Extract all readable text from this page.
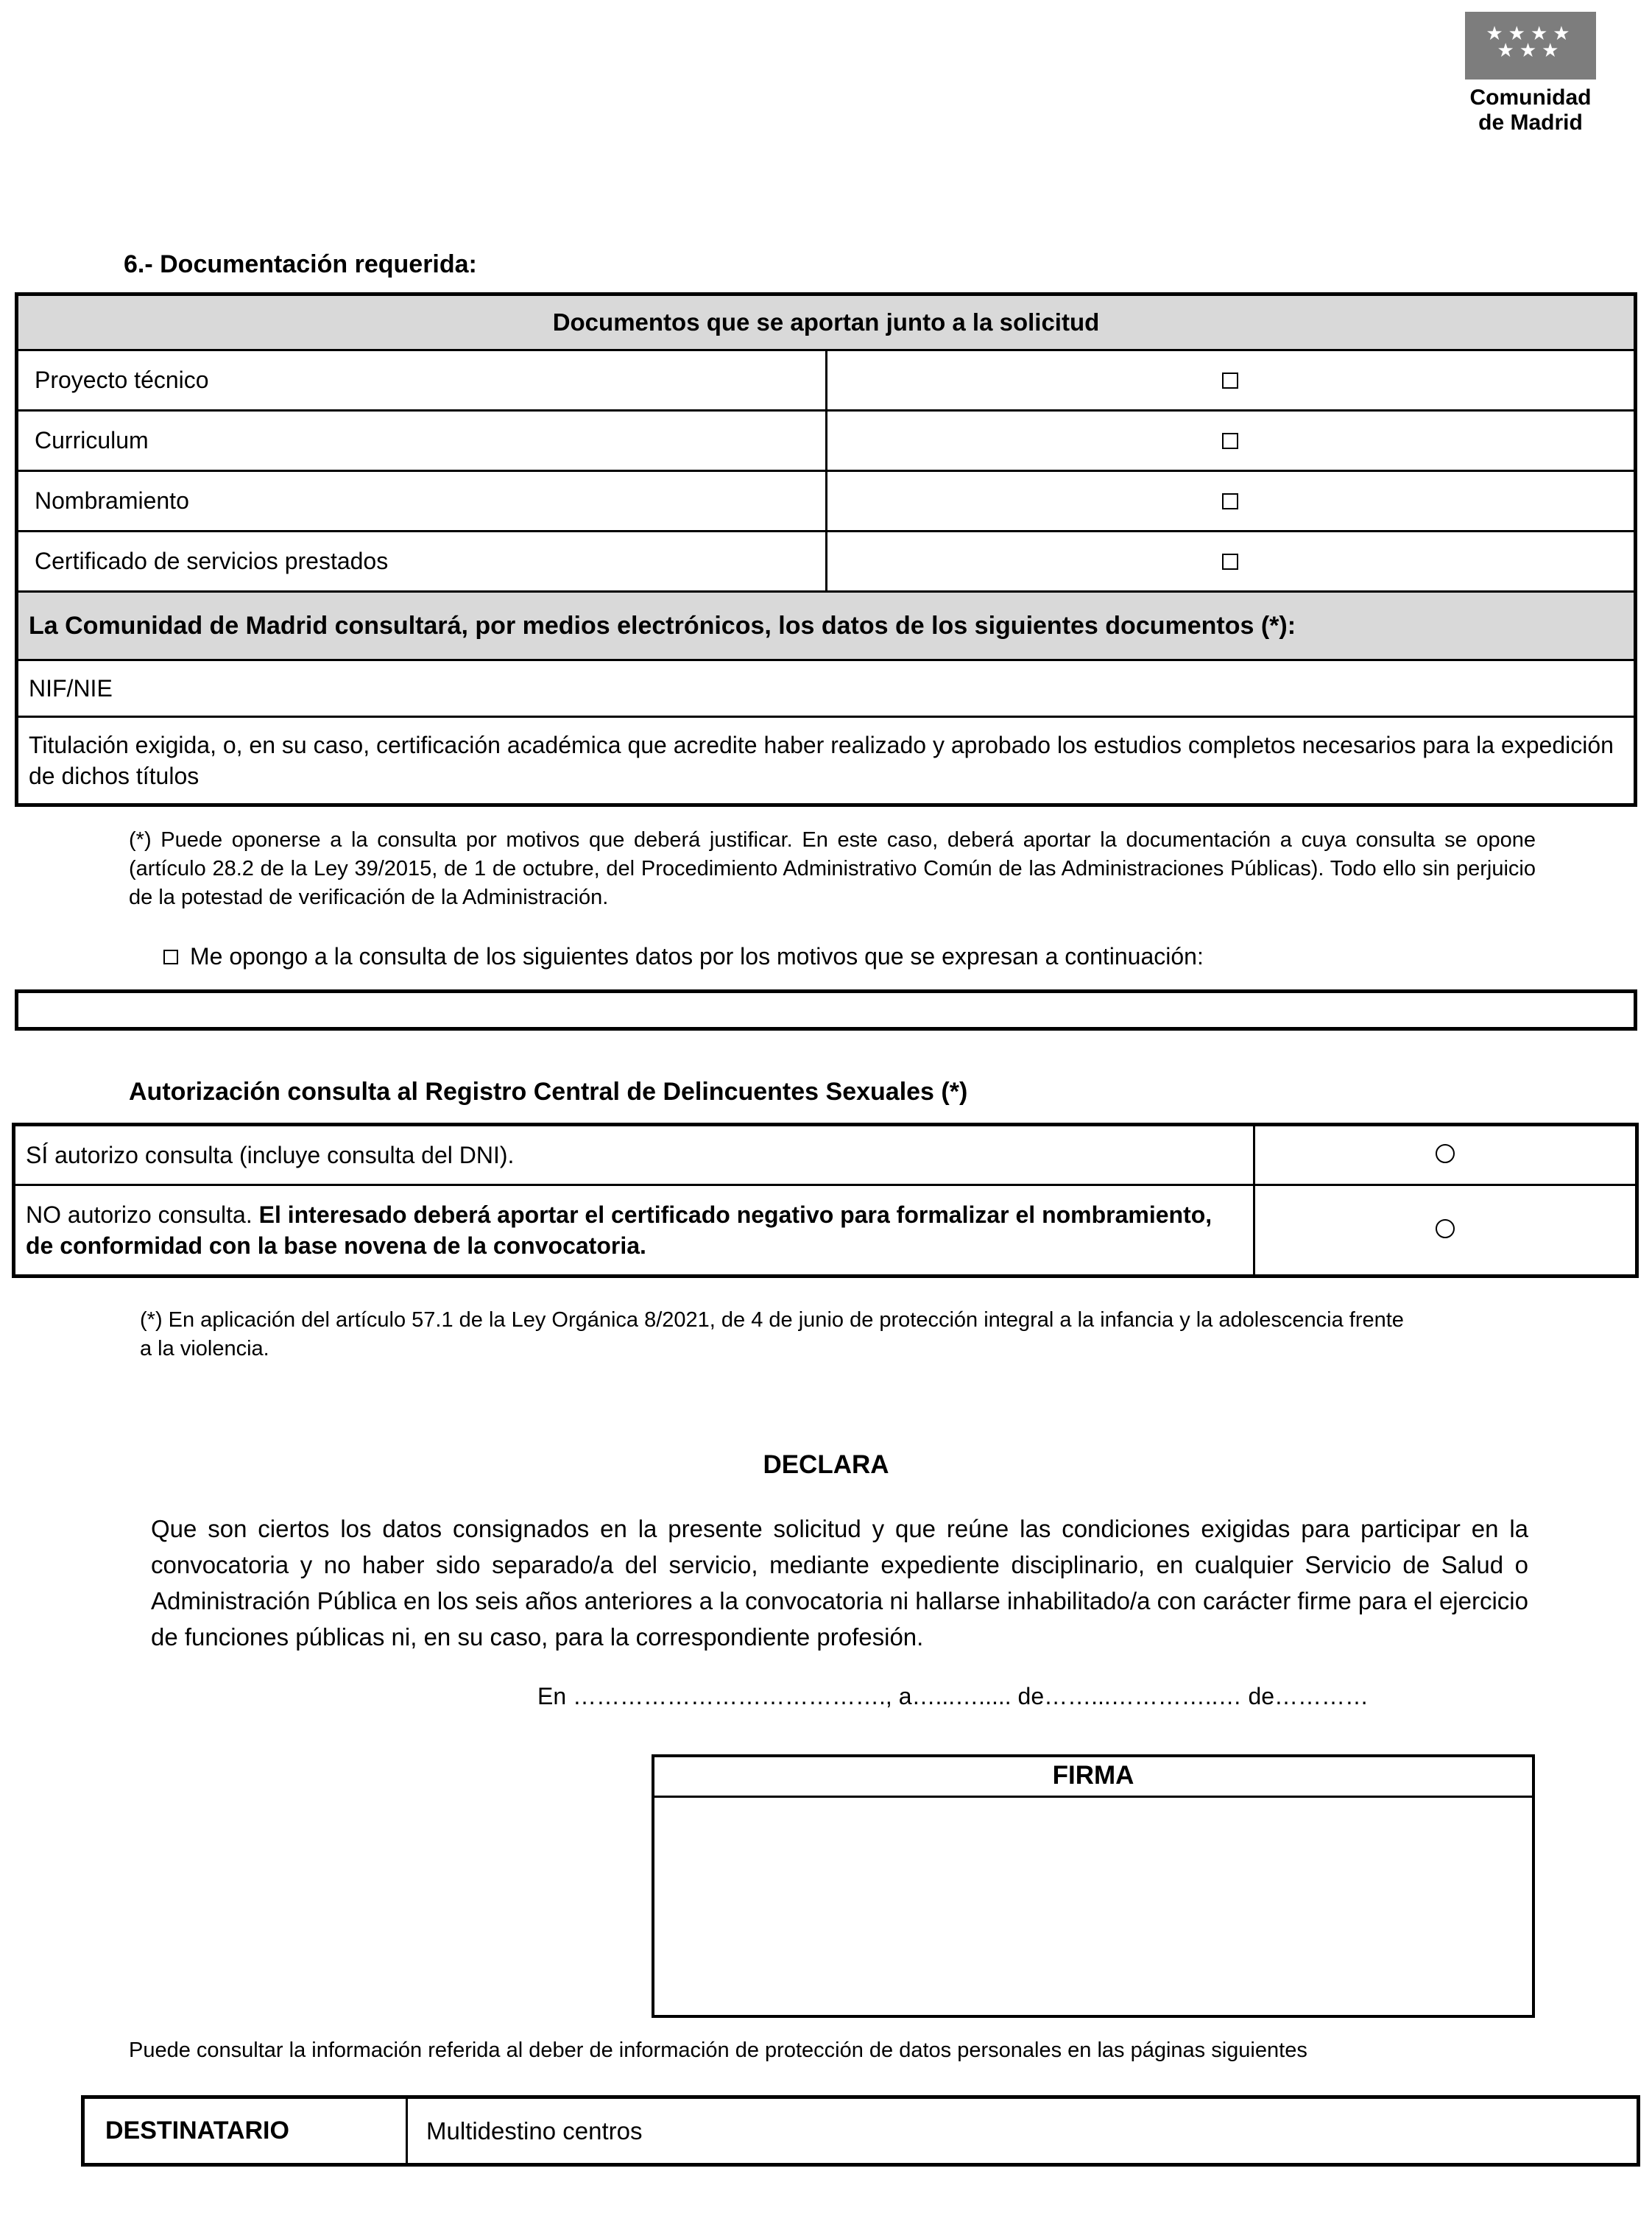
★★★★
★★★
Comunidad
de Madrid
6.- Documentación requerida:
Documentos que se aportan junto a la solicitud	
Proyecto técnico	
Curriculum	
Nombramiento	
Certificado de servicios prestados	
La Comunidad de Madrid consultará, por medios electrónicos, los datos de los siguientes documentos (*):	
NIF/NIE	
Titulación exigida, o, en su caso, certificación académica que acredite haber realizado y aprobado los estudios completos necesarios para la expedición de dichos títulos	

(*) Puede oponerse a la consulta por motivos que deberá justificar. En este caso, deberá aportar la documentación a cuya consulta se opone (artículo 28.2 de la Ley 39/2015, de 1 de octubre, del Procedimiento Administrativo Común de las Administraciones Públicas). Todo ello sin perjuicio de la potestad de verificación de la Administración.

Me opongo a la consulta de los siguientes datos por los motivos que se expresan a continuación:
Autorización consulta al Registro Central de Delincuentes Sexuales (*)
SÍ autorizo consulta (incluye consulta del DNI).	
NO autorizo consulta. El interesado deberá aportar el certificado negativo para formalizar el nombramiento, de conformidad con la base novena de la convocatoria.	

(*) En aplicación del artículo 57.1 de la Ley Orgánica 8/2021, de 4 de junio de protección integral a la infancia y la adolescencia frente a la violencia.

DECLARA

Que son ciertos los datos consignados en la presente solicitud y que reúne las condiciones exigidas para participar en la convocatoria y no haber sido separado/a del servicio, mediante expediente disciplinario, en cualquier Servicio de Salud o Administración Pública en los seis años anteriores a la convocatoria ni hallarse inhabilitado/a con carácter firme para el ejercicio de funciones públicas ni, en su caso, para la correspondiente profesión.

En …………………………………., a…...…..... de……...…………..… de…………
FIRMA

Puede consultar la información referida al deber de información de protección de datos personales en las páginas siguientes

DESTINATARIO	Multidestino centros
